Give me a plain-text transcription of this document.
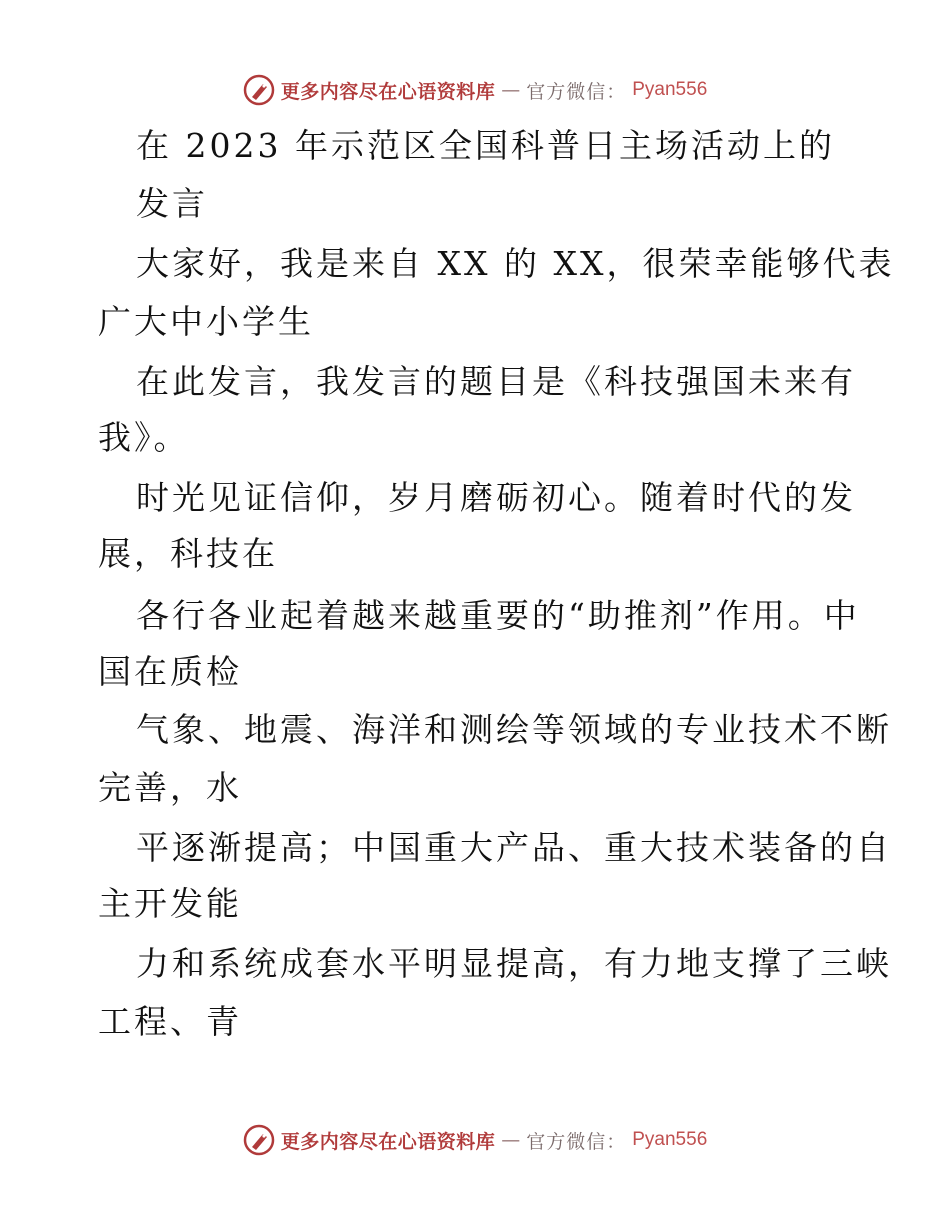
更多内容尽在心语资料库 — 官方微信： Pyan556
在 2023 年示范区全国科普日主场活动上的
发言
大家好，我是来自 XX 的 XX，很荣幸能够代表
广大中小学生
在此发言，我发言的题目是《科技强国未来有
我》。
时光见证信仰，岁月磨砺初心。随着时代的发
展，科技在
各行各业起着越来越重要的“助推剂”作用。中
国在质检
气象、地震、海洋和测绘等领域的专业技术不断
完善，水
平逐渐提高；中国重大产品、重大技术装备的自
主开发能
力和系统成套水平明显提高，有力地支撑了三峡
工程、青
更多内容尽在心语资料库 — 官方微信： Pyan556
